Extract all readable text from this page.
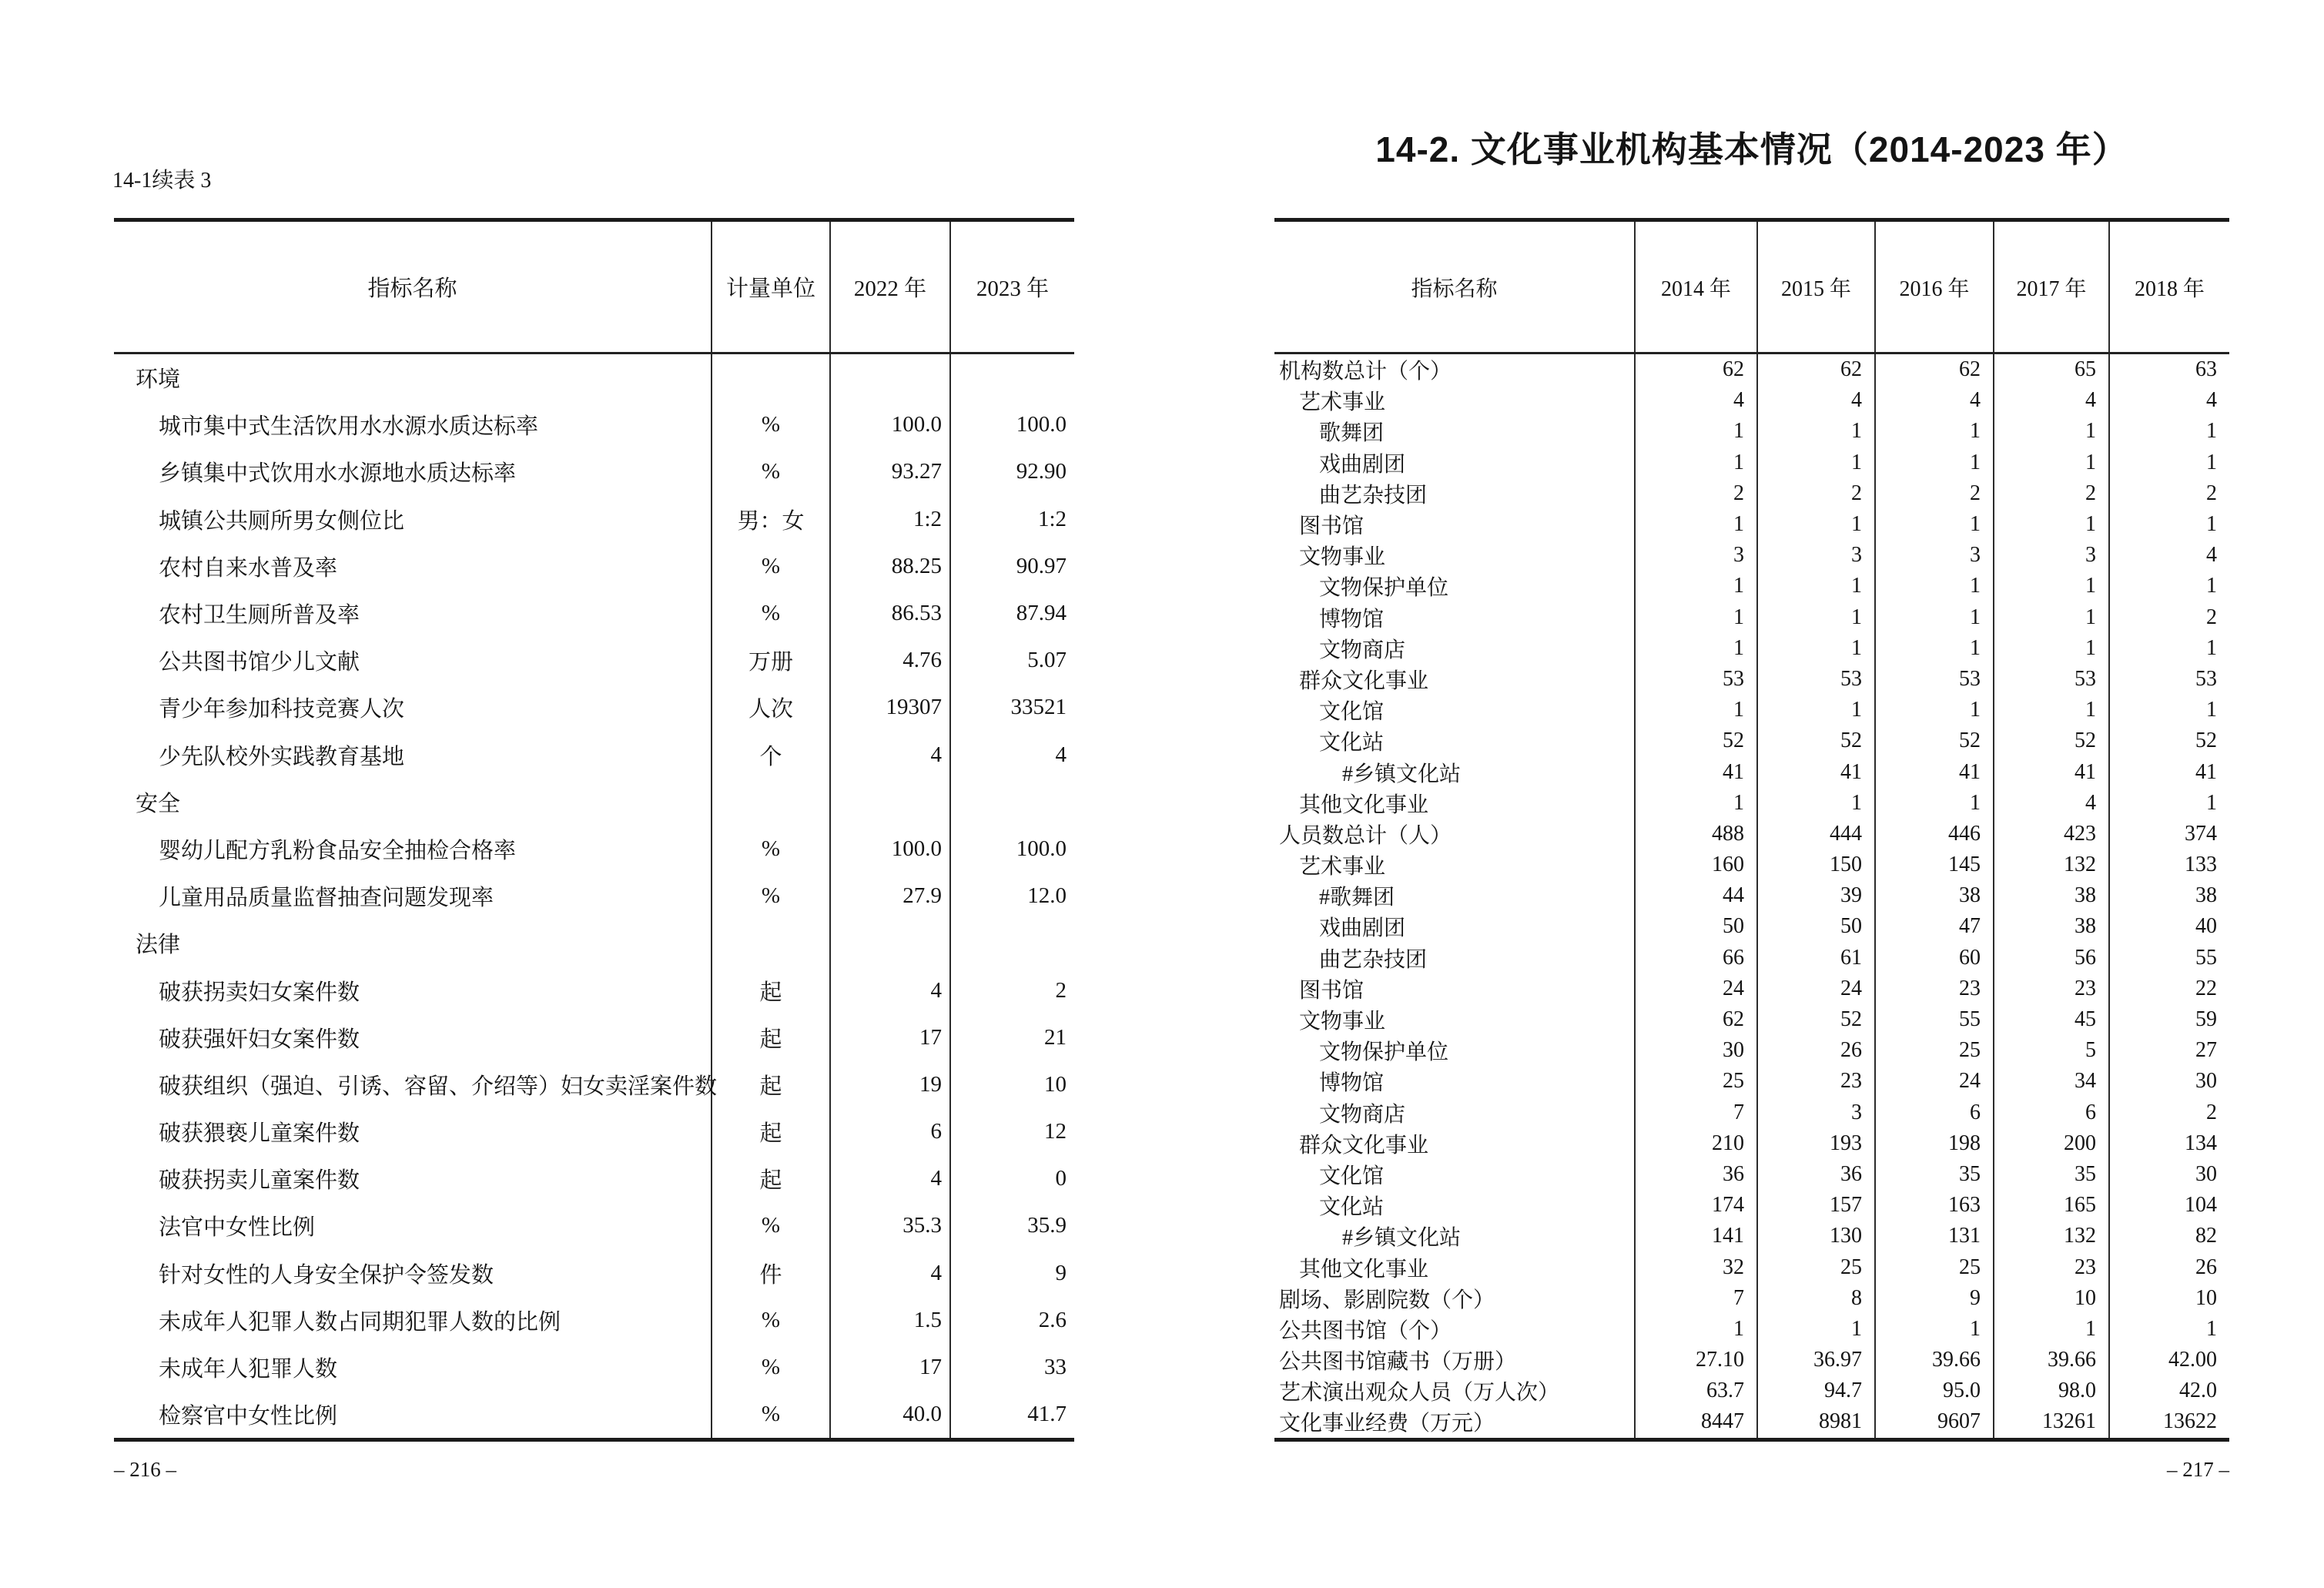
14-1续表 3
指标名称	计量单位	2022 年	2023 年
环境
城市集中式生活饮用水水源水质达标率	%	100.0	100.0
乡镇集中式饮用水水源地水质达标率	%	93.27	92.90
城镇公共厕所男女侧位比	男：女	1:2	1:2
农村自来水普及率	%	88.25	90.97
农村卫生厕所普及率	%	86.53	87.94
公共图书馆少儿文献	万册	4.76	5.07
青少年参加科技竞赛人次	人次	19307	33521
少先队校外实践教育基地	个	4	4
安全
婴幼儿配方乳粉食品安全抽检合格率	%	100.0	100.0
儿童用品质量监督抽查问题发现率	%	27.9	12.0
法律
破获拐卖妇女案件数	起	4	2
破获强奸妇女案件数	起	17	21
破获组织（强迫、引诱、容留、介绍等）妇女卖淫案件数	起	19	10
破获猥亵儿童案件数	起	6	12
破获拐卖儿童案件数	起	4	0
法官中女性比例	%	35.3	35.9
针对女性的人身安全保护令签发数	件	4	9
未成年人犯罪人数占同期犯罪人数的比例	%	1.5	2.6
未成年人犯罪人数	%	17	33
检察官中女性比例	%	40.0	41.7
– 216 –
14-2. 文化事业机构基本情况（2014-2023 年）
指标名称	2014 年	2015 年	2016 年	2017 年	2018 年
机构数总计（个）	62	62	62	65	63
艺术事业	4	4	4	4	4
歌舞团	1	1	1	1	1
戏曲剧团	1	1	1	1	1
曲艺杂技团	2	2	2	2	2
图书馆	1	1	1	1	1
文物事业	3	3	3	3	4
文物保护单位	1	1	1	1	1
博物馆	1	1	1	1	2
文物商店	1	1	1	1	1
群众文化事业	53	53	53	53	53
文化馆	1	1	1	1	1
文化站	52	52	52	52	52
#乡镇文化站	41	41	41	41	41
其他文化事业	1	1	1	4	1
人员数总计（人）	488	444	446	423	374
艺术事业	160	150	145	132	133
#歌舞团	44	39	38	38	38
戏曲剧团	50	50	47	38	40
曲艺杂技团	66	61	60	56	55
图书馆	24	24	23	23	22
文物事业	62	52	55	45	59
文物保护单位	30	26	25	5	27
博物馆	25	23	24	34	30
文物商店	7	3	6	6	2
群众文化事业	210	193	198	200	134
文化馆	36	36	35	35	30
文化站	174	157	163	165	104
#乡镇文化站	141	130	131	132	82
其他文化事业	32	25	25	23	26
剧场、影剧院数（个）	7	8	9	10	10
公共图书馆（个）	1	1	1	1	1
公共图书馆藏书（万册）	27.10	36.97	39.66	39.66	42.00
艺术演出观众人员（万人次）	63.7	94.7	95.0	98.0	42.0
文化事业经费（万元）	8447	8981	9607	13261	13622
– 217 –
